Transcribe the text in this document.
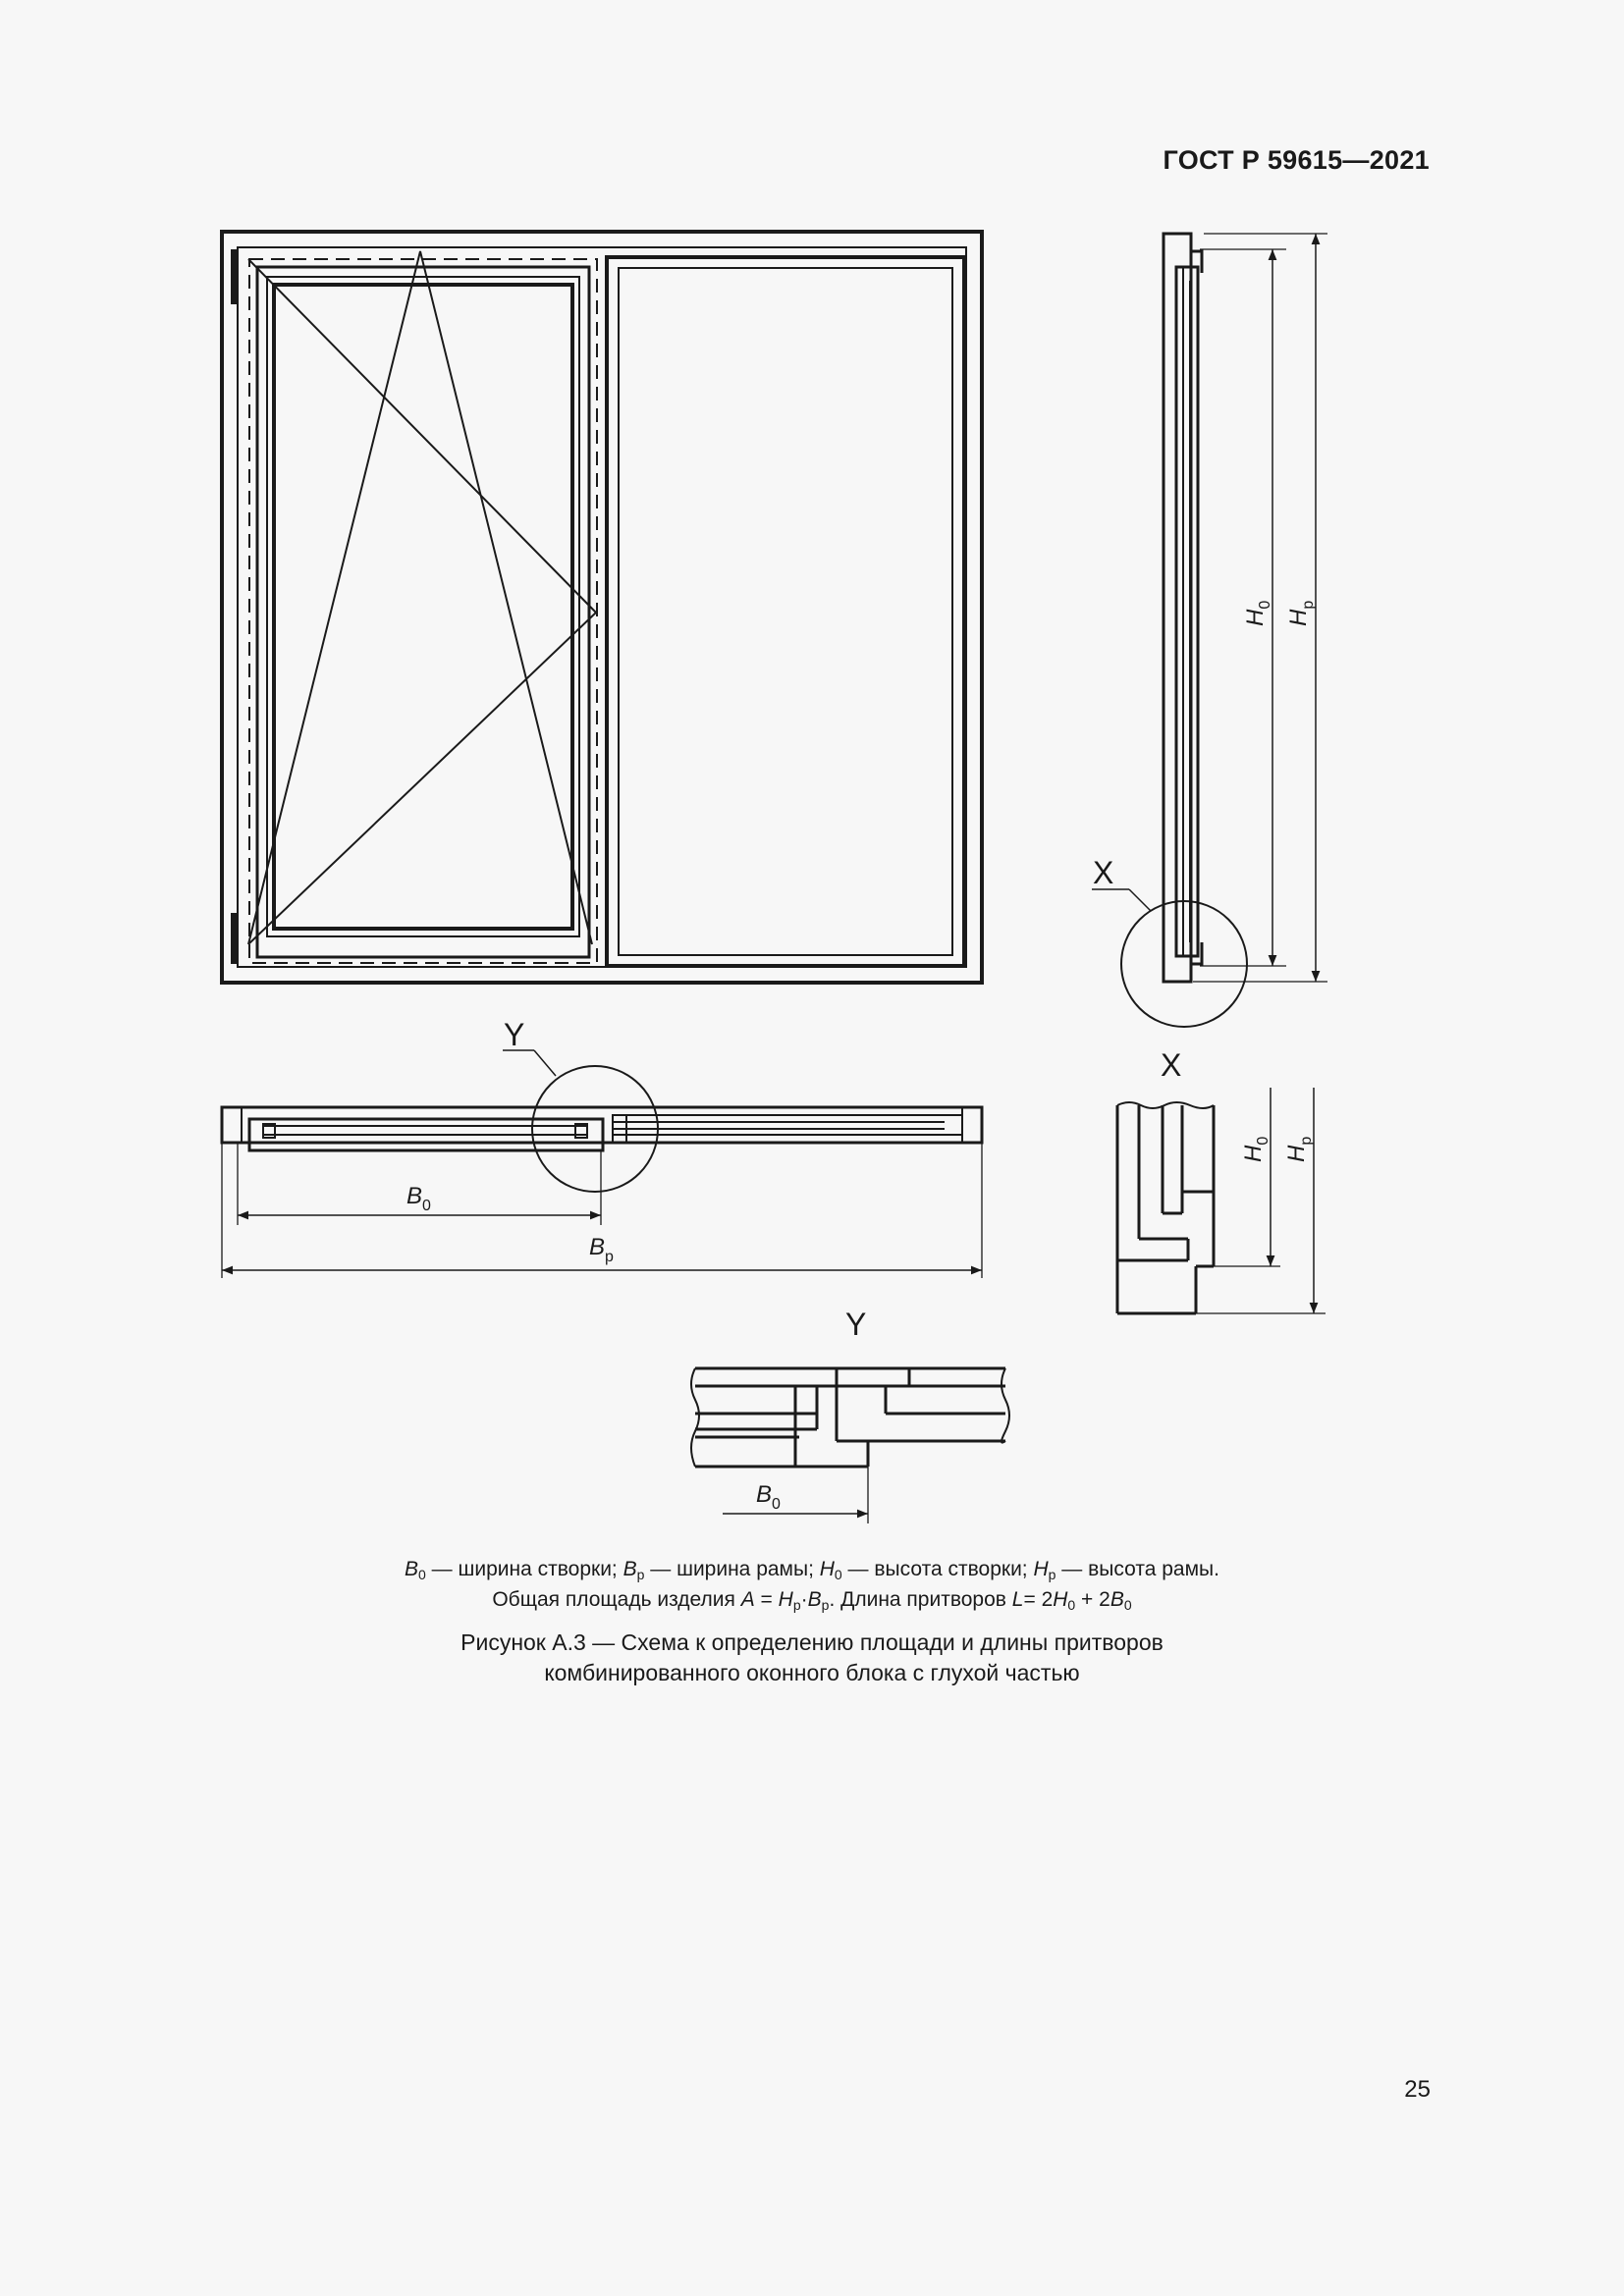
ГОСТ Р 59615—2021
X
$H_0$
$H_р$
Y
$B_0$
$B_р$
X
$H_0$
$H_р$
Y
$B_0$
$B_0$ — ширина створки; $B_р$ — ширина рамы; $H_0$ — высота створки; $H_р$ — высота рамы.
Общая площадь изделия $A = H_р\cdot B_р$. Длина притворов $L= 2H_0 + 2B_0$
Рисунок А.3 — Схема к определению площади и длины притворов
комбинированного оконного блока с глухой частью
25
